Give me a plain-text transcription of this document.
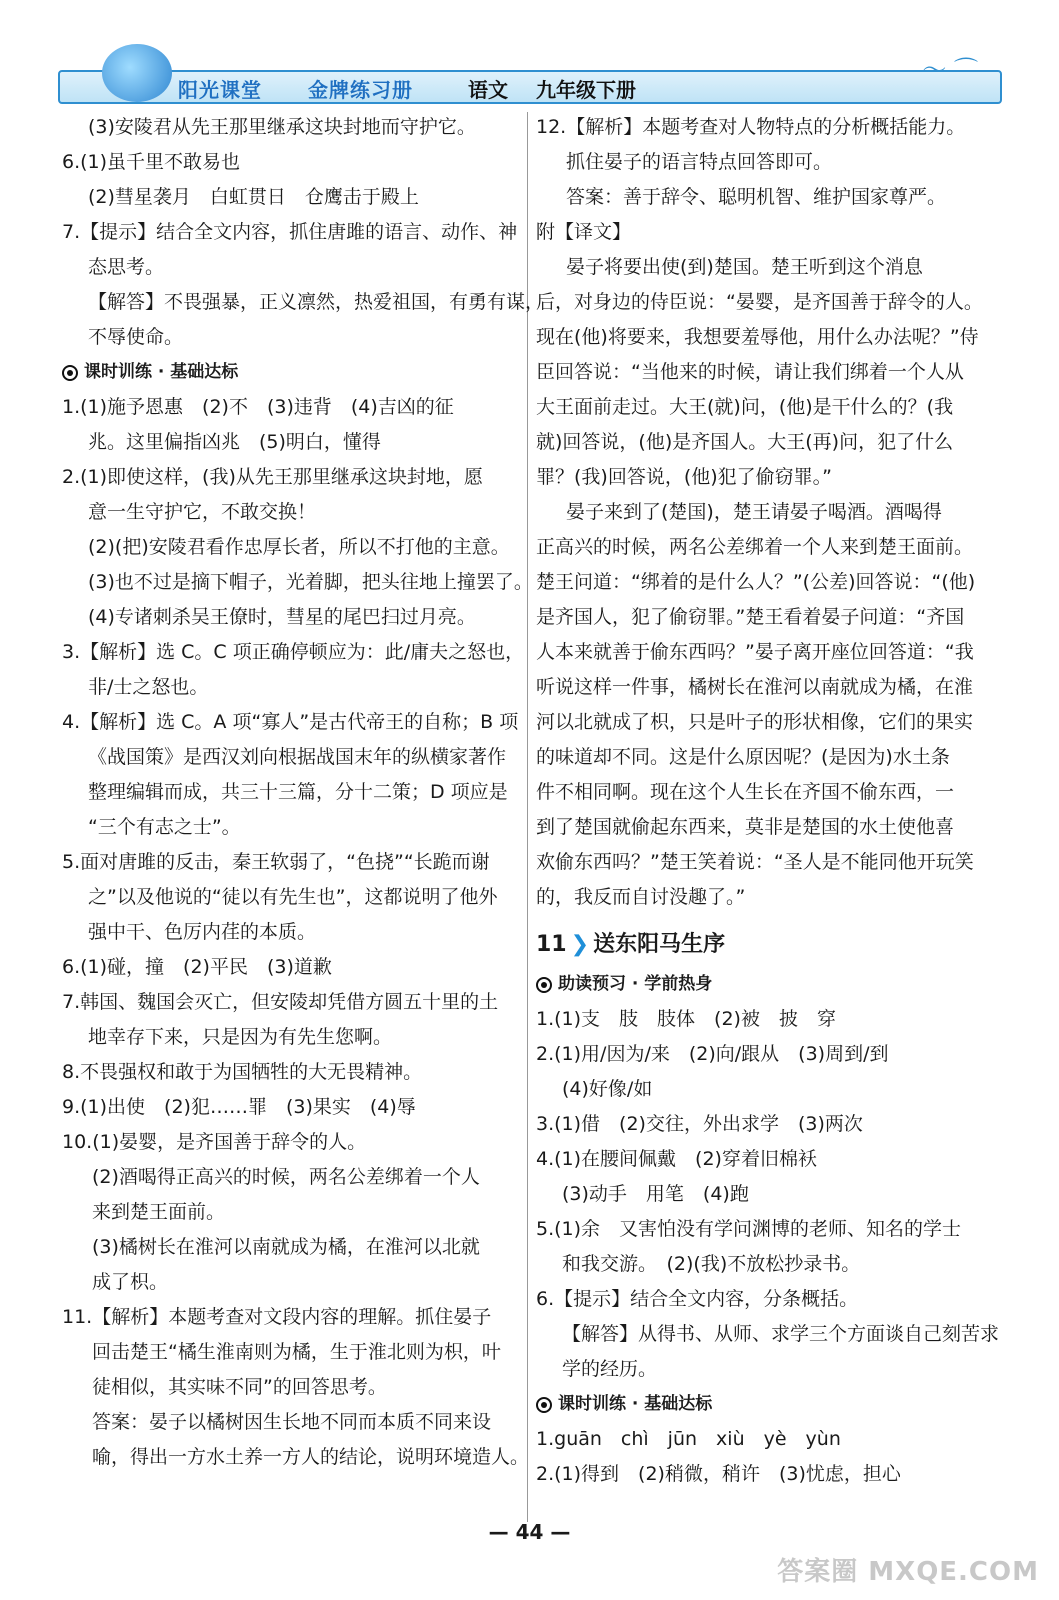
阳光课堂 金牌练习册	语文 九年级下册
〜 ⌒
(3)安陵君从先王那里继承这块封地而守护它。
6.(1)虽千里不敢易也
(2)彗星袭月　白虹贯日　仓鹰击于殿上
7.【提示】结合全文内容，抓住唐雎的语言、动作、神
态思考。
【解答】不畏强暴，正义凛然，热爱祖国，有勇有谋，
不辱使命。
课时训练 · 基础达标
1.(1)施予恩惠　(2)不　(3)违背　(4)吉凶的征
兆。这里偏指凶兆　(5)明白，懂得
2.(1)即使这样，(我)从先王那里继承这块封地，愿
意一生守护它，不敢交换！
(2)(把)安陵君看作忠厚长者，所以不打他的主意。
(3)也不过是摘下帽子，光着脚，把头往地上撞罢了。
(4)专诸刺杀吴王僚时，彗星的尾巴扫过月亮。
3.【解析】选 C。C 项正确停顿应为：此/庸夫之怒也，
非/士之怒也。
4.【解析】选 C。A 项“寡人”是古代帝王的自称；B 项
《战国策》是西汉刘向根据战国末年的纵横家著作
整理编辑而成，共三十三篇，分十二策；D 项应是
“三个有志之士”。
5.面对唐雎的反击，秦王软弱了，“色挠”“长跪而谢
之”以及他说的“徒以有先生也”，这都说明了他外
强中干、色厉内荏的本质。
6.(1)碰，撞　(2)平民　(3)道歉
7.韩国、魏国会灭亡，但安陵却凭借方圆五十里的土
地幸存下来，只是因为有先生您啊。
8.不畏强权和敢于为国牺牲的大无畏精神。
9.(1)出使　(2)犯……罪　(3)果实　(4)辱
10.(1)晏婴，是齐国善于辞令的人。
(2)酒喝得正高兴的时候，两名公差绑着一个人
来到楚王面前。
(3)橘树长在淮河以南就成为橘，在淮河以北就
成了枳。
11.【解析】本题考查对文段内容的理解。抓住晏子
回击楚王“橘生淮南则为橘，生于淮北则为枳，叶
徒相似，其实味不同”的回答思考。
答案：晏子以橘树因生长地不同而本质不同来设
喻，得出一方水土养一方人的结论，说明环境造人。
12.【解析】本题考查对人物特点的分析概括能力。
抓住晏子的语言特点回答即可。
答案：善于辞令、聪明机智、维护国家尊严。
附【译文】
晏子将要出使(到)楚国。楚王听到这个消息
后，对身边的侍臣说：“晏婴，是齐国善于辞令的人。
现在(他)将要来，我想要羞辱他，用什么办法呢？”侍
臣回答说：“当他来的时候，请让我们绑着一个人从
大王面前走过。大王(就)问，(他)是干什么的？(我
就)回答说，(他)是齐国人。大王(再)问，犯了什么
罪？(我)回答说，(他)犯了偷窃罪。”
晏子来到了(楚国)，楚王请晏子喝酒。酒喝得
正高兴的时候，两名公差绑着一个人来到楚王面前。
楚王问道：“绑着的是什么人？”(公差)回答说：“(他)
是齐国人，犯了偷窃罪。”楚王看着晏子问道：“齐国
人本来就善于偷东西吗？”晏子离开座位回答道：“我
听说这样一件事，橘树长在淮河以南就成为橘，在淮
河以北就成了枳，只是叶子的形状相像，它们的果实
的味道却不同。这是什么原因呢？(是因为)水土条
件不相同啊。现在这个人生长在齐国不偷东西，一
到了楚国就偷起东西来，莫非是楚国的水土使他喜
欢偷东西吗？”楚王笑着说：“圣人是不能同他开玩笑
的，我反而自讨没趣了。”
11 ❯ 送东阳马生序
助读预习 · 学前热身
1.(1)支　肢　肢体　(2)被　披　穿
2.(1)用/因为/来　(2)向/跟从　(3)周到/到
(4)好像/如
3.(1)借　(2)交往，外出求学　(3)两次
4.(1)在腰间佩戴　(2)穿着旧棉袄
(3)动手　用笔　(4)跑
5.(1)余　又害怕没有学问渊博的老师、知名的学士
和我交游。　(2)(我)不放松抄录书。
6.【提示】结合全文内容，分条概括。
【解答】从得书、从师、求学三个方面谈自己刻苦求
学的经历。
课时训练 · 基础达标
1.guān　chì　jūn　xiù　yè　yùn
2.(1)得到　(2)稍微，稍许　(3)忧虑，担心
— 44 —
答案圈 MXQE.COM
